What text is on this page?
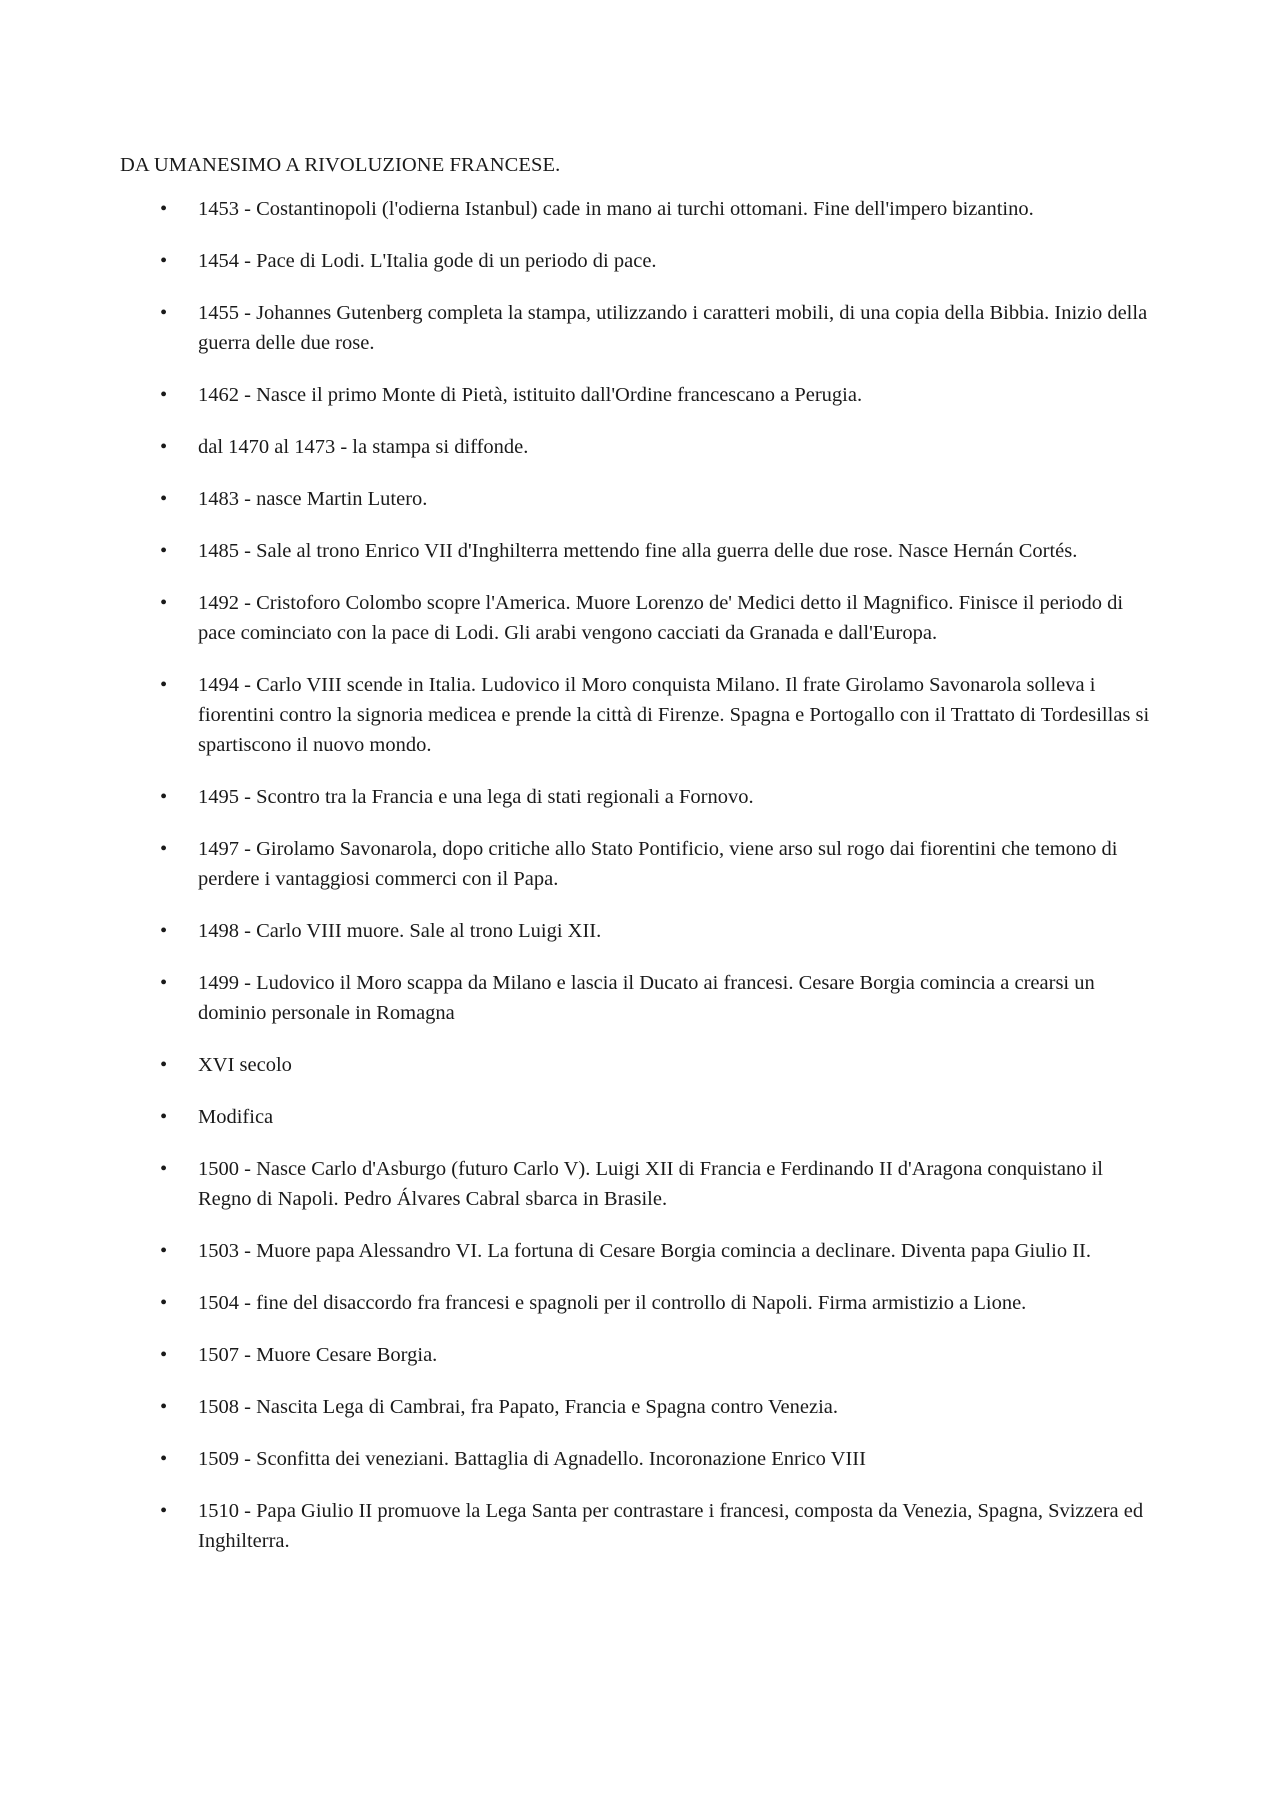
DA UMANESIMO A RIVOLUZIONE FRANCESE.
•	1453 - Costantinopoli (l'odierna Istanbul) cade in mano ai turchi ottomani. Fine dell'impero bizantino.
•	1454 - Pace di Lodi. L'Italia gode di un periodo di pace.
•	1455 - Johannes Gutenberg completa la stampa, utilizzando i caratteri mobili, di una copia della Bibbia. Inizio della guerra delle due rose.
•	1462 - Nasce il primo Monte di Pietà, istituito dall'Ordine francescano a Perugia.
•	dal 1470 al 1473 - la stampa si diffonde.
•	1483 - nasce Martin Lutero.
•	1485 - Sale al trono Enrico VII d'Inghilterra mettendo fine alla guerra delle due rose. Nasce Hernán Cortés.
•	1492 - Cristoforo Colombo scopre l'America. Muore Lorenzo de' Medici detto il Magnifico. Finisce il periodo di pace cominciato con la pace di Lodi. Gli arabi vengono cacciati da Granada e dall'Europa.
•	1494 - Carlo VIII scende in Italia. Ludovico il Moro conquista Milano. Il frate Girolamo Savonarola solleva i fiorentini contro la signoria medicea e prende la città di Firenze. Spagna e Portogallo con il Trattato di Tordesillas si spartiscono il nuovo mondo.
•	1495 - Scontro tra la Francia e una lega di stati regionali a Fornovo.
•	1497 - Girolamo Savonarola, dopo critiche allo Stato Pontificio, viene arso sul rogo dai fiorentini che temono di perdere i vantaggiosi commerci con il Papa.
•	1498 - Carlo VIII muore. Sale al trono Luigi XII.
•	1499 - Ludovico il Moro scappa da Milano e lascia il Ducato ai francesi. Cesare Borgia comincia a crearsi un dominio personale in Romagna
•	XVI secolo
•	Modifica
•	1500 - Nasce Carlo d'Asburgo (futuro Carlo V). Luigi XII di Francia e Ferdinando II d'Aragona conquistano il Regno di Napoli. Pedro Álvares Cabral sbarca in Brasile.
•	1503 - Muore papa Alessandro VI. La fortuna di Cesare Borgia comincia a declinare. Diventa papa Giulio II.
•	1504 - fine del disaccordo fra francesi e spagnoli per il controllo di Napoli. Firma armistizio a Lione.
•	1507 - Muore Cesare Borgia.
•	1508 - Nascita Lega di Cambrai, fra Papato, Francia e Spagna contro Venezia.
•	1509 - Sconfitta dei veneziani. Battaglia di Agnadello. Incoronazione Enrico VIII
•	1510 - Papa Giulio II promuove la Lega Santa per contrastare i francesi, composta da Venezia, Spagna, Svizzera ed Inghilterra.
